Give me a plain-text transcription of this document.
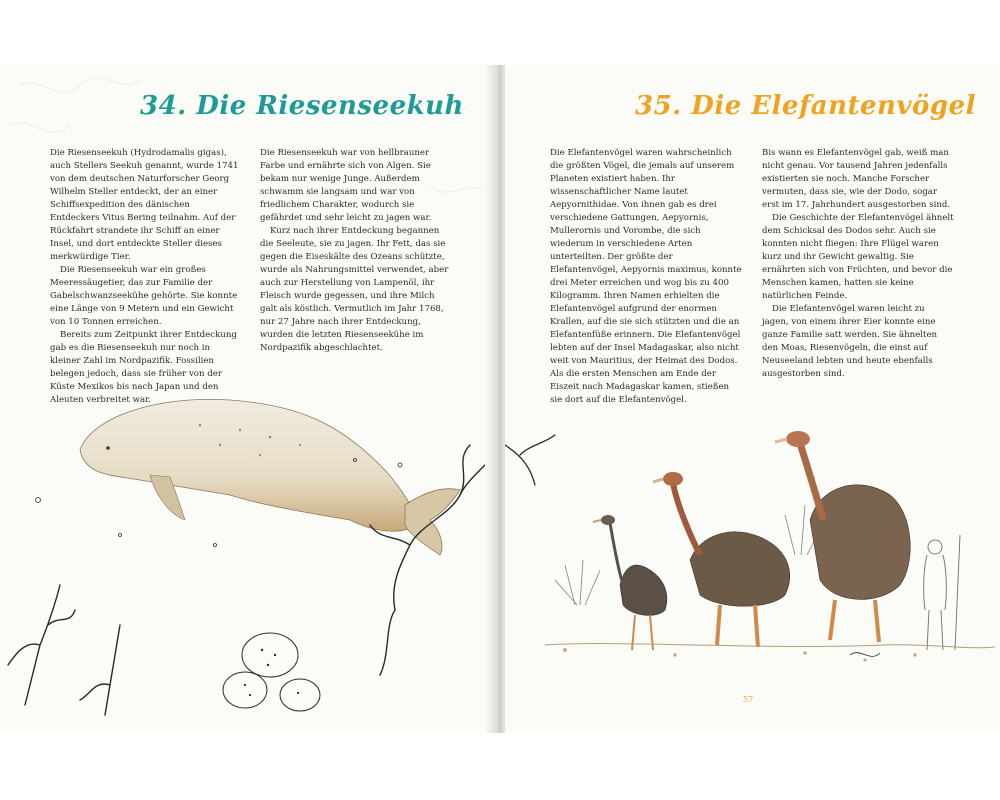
34. Die Riesenseekuh

Die Riesenseekuh (Hydrodamalis gigas), auch Stellers Seekuh genannt, wurde 1741 von dem deutschen Naturforscher Georg Wilhelm Steller entdeckt, der an einer Schiffsexpedition des dänischen Entdeckers Vitus Bering teilnahm. Auf der Rückfahrt strandete ihr Schiff an einer Insel, und dort entdeckte Steller dieses merkwürdige Tier.

Die Riesenseekuh war ein großes Meeressäugetier, das zur Familie der Gabelschwanzseekühe gehörte. Sie konnte eine Länge von 9 Metern und ein Gewicht von 10 Tonnen erreichen.

Bereits zum Zeitpunkt ihrer Entdeckung gab es die Riesenseekuh nur noch in kleiner Zahl im Nordpazifik. Fossilien belegen jedoch, dass sie früher von der Küste Mexikos bis nach Japan und den Aleuten verbreitet war.

Die Riesenseekuh war von hellbrauner Farbe und ernährte sich von Algen. Sie bekam nur wenige Junge. Außerdem schwamm sie langsam und war von friedlichem Charakter, wodurch sie gefährdet und sehr leicht zu jagen war.

Kurz nach ihrer Entdeckung begannen die Seeleute, sie zu jagen. Ihr Fett, das sie gegen die Eiseskälte des Ozeans schützte, wurde als Nahrungsmittel verwendet, aber auch zur Herstellung von Lampenöl, ihr Fleisch wurde gegessen, und ihre Milch galt als köstlich. Vermutlich im Jahr 1768, nur 27 Jahre nach ihrer Entdeckung, wurden die letzten Riesenseekühe im Nordpazifik abgeschlachtet.

35. Die Elefantenvögel

Die Elefantenvögel waren wahrscheinlich die größten Vögel, die jemals auf unserem Planeten existiert haben. Ihr wissenschaftlicher Name lautet Aepyornithidae. Von ihnen gab es drei verschiedene Gattungen, Aepyornis, Mullerornis und Vorombe, die sich wiederum in verschiedene Arten unterteilten. Der größte der Elefantenvögel, Aepyornis maximus, konnte drei Meter erreichen und wog bis zu 400 Kilogramm. Ihren Namen erhielten die Elefantenvögel aufgrund der enormen Krallen, auf die sie sich stützten und die an Elefantenfüße erinnern. Die Elefantenvögel lebten auf der Insel Madagaskar, also nicht weit von Mauritius, der Heimat des Dodos. Als die ersten Menschen am Ende der Eiszeit nach Madagaskar kamen, stießen sie dort auf die Elefantenvögel.

Bis wann es Elefantenvögel gab, weiß man nicht genau. Vor tausend Jahren jedenfalls existierten sie noch. Manche Forscher vermuten, dass sie, wie der Dodo, sogar erst im 17. Jahrhundert ausgestorben sind.

Die Geschichte der Elefantenvögel ähnelt dem Schicksal des Dodos sehr. Auch sie konnten nicht fliegen: Ihre Flügel waren kurz und ihr Gewicht gewaltig. Sie ernährten sich von Früchten, und bevor die Menschen kamen, hatten sie keine natürlichen Feinde.

Die Elefantenvögel waren leicht zu jagen, von einem ihrer Eier konnte eine ganze Familie satt werden. Sie ähnelten den Moas, Riesenvögeln, die einst auf Neuseeland lebten und heute ebenfalls ausgestorben sind.

57
